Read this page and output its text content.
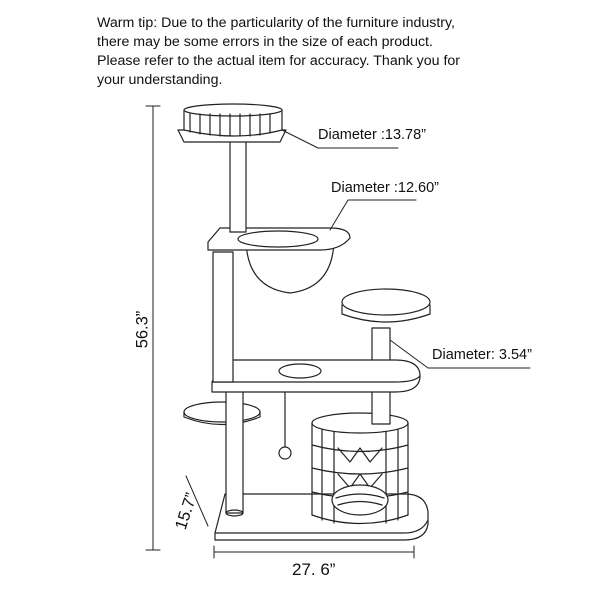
Warm tip: Due to the particularity of the furniture industry,
there may be some errors in the size of each product.
Please refer to the actual item for accuracy. Thank you for
your understanding.
Diameter :13.78”
Diameter :12.60”
Diameter: 3.54”
56.3”
15.7”
27. 6”
